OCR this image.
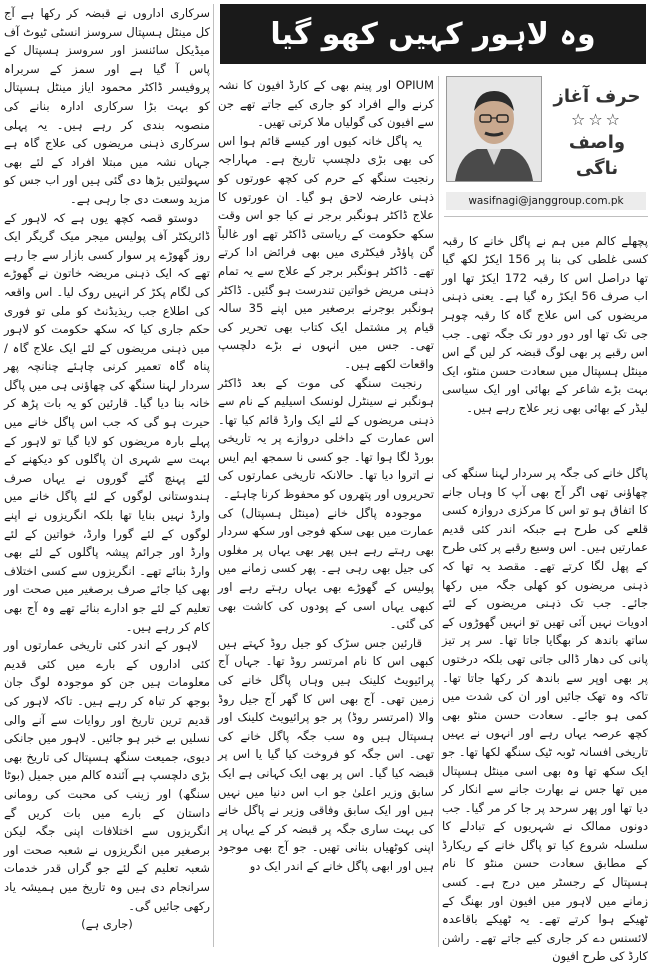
وہ لاہور کہیں کھو گیا
حرف آغاز
☆☆☆
واصف ناگی
wasifnagi@janggroup.com.pk

پچھلے کالم میں ہم نے پاگل خانے کا رقبہ کسی غلطی کی بنا پر 156 ایکڑ لکھ گیا تھا دراصل اس کا رقبہ 172 ایکڑ تھا اور اب صرف 56 ایکڑ رہ گیا ہے۔ یعنی ذہنی مریضوں کی اس علاج گاہ کا رقبہ چوہر جی تک تھا اور دور دور تک جگہ تھی۔ جب اس رقبے پر بھی لوگ قبضہ کر لیں گے اس مینٹل ہسپتال میں سعادت حسن منٹو، ایک بہت بڑے شاعر کے بھائی اور ایک سیاسی لیڈر کے بھائی بھی زیر علاج رہے ہیں۔

پاگل خانے کی جگہ پر سردار لہنا سنگھ کی چھاؤنی تھی اگر آج بھی آپ کا وہاں جانے کا اتفاق ہو تو اس کا مرکزی دروازہ کسی قلعے کی طرح ہے جبکہ اندر کئی قدیم عمارتیں ہیں۔ اس وسیع رقبے پر کئی طرح کے پھل لگا کرتے تھے۔ مقصد یہ تھا کہ ذہنی مریضوں کو کھلی جگہ میں رکھا جائے۔ جب تک ذہنی مریضوں کے لئے ادویات نہیں آئی تھیں تو انہیں گھوڑوں کے ساتھ باندھ کر بھگایا جاتا تھا۔ سر پر تیز پانی کی دھار ڈالی جاتی تھی بلکہ درختوں پر بھی اوپر سے باندھ کر رکھا جاتا تھا۔ تاکہ وہ تھک جائیں اور ان کی شدت میں کمی ہو جائے۔ سعادت حسن منٹو بھی کچھ عرصہ یہاں رہے اور انہوں نے یہیں تاریخی افسانہ ٹوبہ ٹیک سنگھ لکھا تھا۔ جو ایک سکھ تھا وہ بھی اسی مینٹل ہسپتال میں تھا جس نے بھارت جانے سے انکار کر دیا تھا اور پھر سرحد پر جا کر مر گیا۔ جب دونوں ممالک نے شہریوں کے تبادلے کا سلسلہ شروع کیا تو پاگل خانے کے ریکارڈ کے مطابق سعادت حسن منٹو کا نام ہسپتال کے رجسٹر میں درج ہے۔ کسی زمانے میں لاہور میں افیون اور بھنگ کے ٹھیکے ہوا کرتے تھے۔ یہ ٹھیکے باقاعدہ لائسنس دے کر جاری کیے جاتے تھے۔ راشن کارڈ کی طرح افیون

OPIUM اور پینم بھی کے کارڈ افیون کا نشہ کرنے والے افراد کو جاری کیے جاتے تھے جن سے افیون کی گولیاں ملا کرتی تھیں۔

یہ پاگل خانہ کیوں اور کیسے قائم ہوا اس کی بھی بڑی دلچسپ تاریخ ہے۔ مہاراجہ رنجیت سنگھ کے حرم کی کچھ عورتوں کو ذہنی عارضہ لاحق ہو گیا۔ ان عورتوں کا علاج ڈاکٹر ہونگبر برجر نے کیا جو اس وقت سکھ حکومت کے ریاستی ڈاکٹر تھے اور غالباً گن پاؤڈر فیکٹری میں بھی فرائض ادا کرتے تھے۔ ڈاکٹر ہونگبر برجر کے علاج سے یہ تمام ذہنی مریض خواتین تندرست ہو گئیں۔ ڈاکٹر ہونگبر بوجرنے برصغیر میں اپنے 35 سالہ قیام پر مشتمل ایک کتاب بھی تحریر کی تھی۔ جس میں انہوں نے بڑے دلچسپ واقعات لکھے ہیں۔

رنجیت سنگھ کی موت کے بعد ڈاکٹر ہونگبر نے سینٹرل لونسک اسیلیم کے نام سے ذہنی مریضوں کے لئے ایک وارڈ قائم کیا تھا۔ اس عمارت کے داخلی دروازے پر یہ تاریخی بورڈ لگا ہوا تھا۔ جو کسی نا سمجھ ایم ایس نے اتروا دیا تھا۔ حالانکہ تاریخی عمارتوں کی تحریروں اور پتھروں کو محفوظ کرنا چاہئے۔

موجودہ پاگل خانے (مینٹل ہسپتال) کی عمارت میں بھی سکھ فوجی اور سکھ سردار بھی رہتے رہے ہیں پھر بھی یہاں پر مغلوں کی جیل بھی رہی ہے۔ پھر کسی زمانے میں پولیس کے گھوڑے بھی یہاں رہتے رہے اور کبھی یہاں اسی کے پودوں کی کاشت بھی کی گئی۔

قارئین جس سڑک کو جیل روڈ کہتے ہیں کبھی اس کا نام امرتسر روڈ تھا۔ جہاں آج پرائیویٹ کلینک ہیں وہاں پاگل خانے کی زمین تھی۔ آج بھی اس کا گھر آج جیل روڈ والا (امرتسر روڈ) پر جو پرائیویٹ کلینک اور ہسپتال ہیں وہ سب جگہ پاگل خانے کی تھی۔ اس جگہ کو فروخت کیا گیا یا اس پر قبضہ کیا گیا۔ اس پر بھی ایک کہانی ہے ایک سابق وزیر اعلیٰ جو اب اس دنیا میں نہیں ہیں اور ایک سابق وفاقی وزیر نے پاگل خانے کی بہت ساری جگہ پر قبضہ کر کے یہاں پر اپنی کوٹھیاں بنانی تھیں۔ جو آج بھی موجود ہیں اور ابھی پاگل خانے کے اندر ایک دو

سرکاری اداروں نے قبضہ کر رکھا ہے آج کل مینٹل ہسپتال سروسز انسٹی ٹیوٹ آف میڈیکل سائنسز اور سروسز ہسپتال کے پاس آ گیا ہے اور سمز کے سربراہ پروفیسر ڈاکٹر محمود ایاز مینٹل ہسپتال کو بہت بڑا سرکاری ادارہ بنانے کی منصوبہ بندی کر رہے ہیں۔ یہ پہلی سرکاری ذہنی مریضوں کی علاج گاہ ہے جہاں نشہ میں مبتلا افراد کے لئے بھی سہولتیں بڑھا دی گئی ہیں اور اب جس کو مزید وسعت دی جا رہی ہے۔

دوستو قصہ کچھ یوں ہے کہ لاہور کے ڈائریکٹر آف پولیس میجر میک گریگر ایک روز گھوڑے پر سوار کسی بازار سے جا رہے تھے کہ ایک ذہنی مریضہ خاتون نے گھوڑے کی لگام پکڑ کر انہیں روک لیا۔ اس واقعہ کی اطلاع جب ریذیڈنٹ کو ملی تو فوری حکم جاری کیا کہ سکھ حکومت کو لاہور میں ذہنی مریضوں کے لئے ایک علاج گاہ / پناہ گاہ تعمیر کرنی چاہئے چنانچہ پھر سردار لہنا سنگھ کی چھاؤنی ہی میں پاگل خانہ بنا دیا گیا۔ قارئین کو یہ بات پڑھ کر حیرت ہو گی کہ جب اس پاگل خانے میں پہلے بارہ مریضوں کو لایا گیا تو لاہور کے بہت سے شہری ان پاگلوں کو دیکھنے کے لئے پہنچ گئے گوروں نے یہاں صرف ہندوستانی لوگوں کے لئے پاگل خانے میں وارڈ نہیں بنایا تھا بلکہ انگریزوں نے اپنے لوگوں کے لئے گورا وارڈ، خواتین کے لئے وارڈ اور جرائم پیشہ پاگلوں کے لئے بھی وارڈ بنائے تھے۔ انگریزوں سے کسی اختلاف بھی کیا جائے صرف برصغیر میں صحت اور تعلیم کے لئے جو ادارے بنائے تھے وہ آج بھی کام کر رہے ہیں۔

لاہور کے اندر کئی تاریخی عمارتوں اور کئی اداروں کے بارے میں کئی قدیم معلومات ہیں جن کو موجودہ لوگ جان بوجھ کر تباہ کر رہے ہیں۔ تاکہ لاہور کی قدیم ترین تاریخ اور روایات سے آنے والی نسلیں بے خبر ہو جائیں۔ لاہور میں جانکی دیوی، جمیعت سنگھ ہسپتال کی تاریخ بھی بڑی دلچسپ ہے آئندہ کالم میں جمیل (بوٹا سنگھ) اور زینب کی محبت کی رومانی داستان کے بارے میں بات کریں گے انگریزوں سے اختلافات اپنی جگہ لیکن برصغیر میں انگریزوں نے شعبہ صحت اور شعبہ تعلیم کے لئے جو گراں قدر خدمات سرانجام دی ہیں وہ تاریخ میں ہمیشہ یاد رکھی جائیں گی۔

(جاری ہے)
